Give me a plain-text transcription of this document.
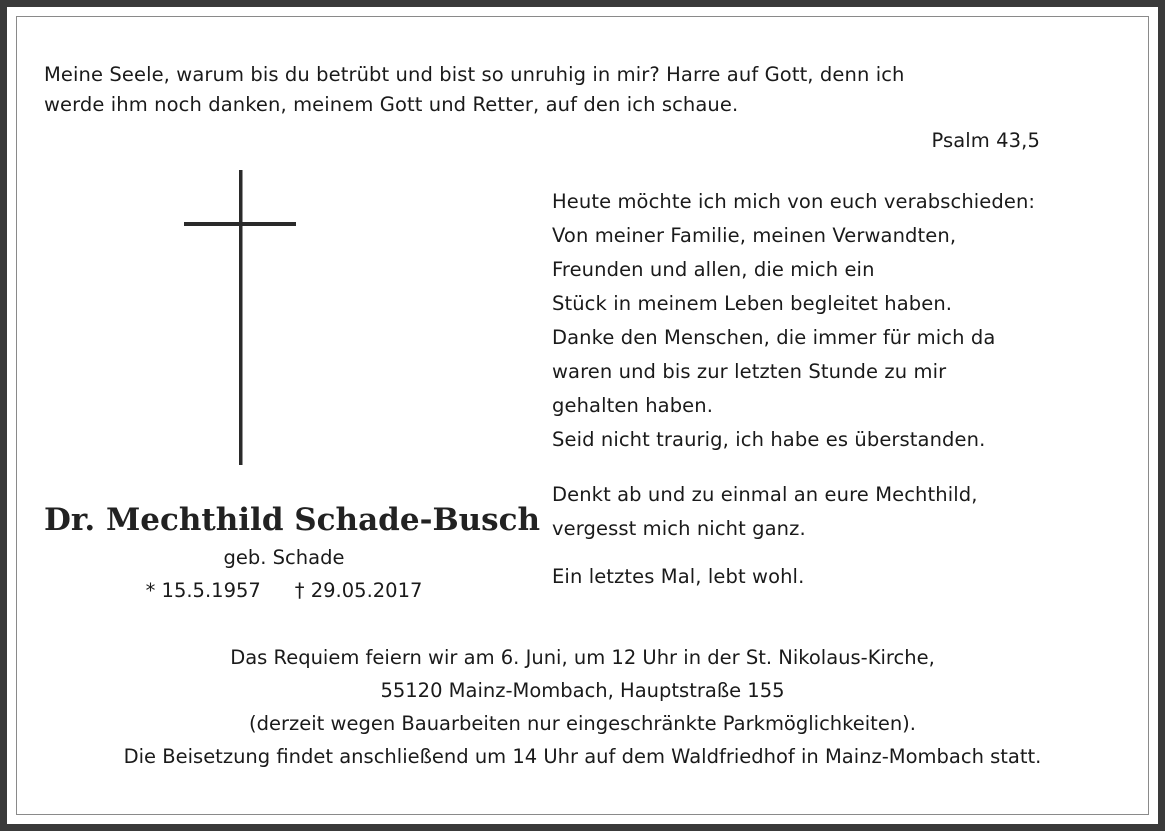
Meine Seele, warum bis du betrübt und bist so unruhig in mir? Harre auf Gott, denn ich
werde ihm noch danken, meinem Gott und Retter, auf den ich schaue.
Psalm 43,5
Heute möchte ich mich von euch verabschieden:
Von meiner Familie, meinen Verwandten,
Freunden und allen, die mich ein
Stück in meinem Leben begleitet haben.
Danke den Menschen, die immer für mich da
waren und bis zur letzten Stunde zu mir
gehalten haben.
Seid nicht traurig, ich habe es überstanden.
Denkt ab und zu einmal an eure Mechthild,
vergesst mich nicht ganz.
Ein letztes Mal, lebt wohl.
Dr. Mechthild Schade-Busch
geb. Schade
* 15.5.1957 † 29.05.2017
Das Requiem feiern wir am 6. Juni, um 12 Uhr in der St. Nikolaus-Kirche,
55120 Mainz-Mombach, Hauptstraße 155
(derzeit wegen Bauarbeiten nur eingeschränkte Parkmöglichkeiten).
Die Beisetzung findet anschließend um 14 Uhr auf dem Waldfriedhof in Mainz-Mombach statt.
